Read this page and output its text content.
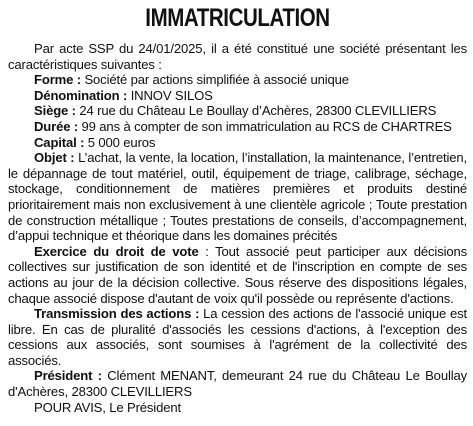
IMMATRICULATION

Par acte SSP du 24/01/2025, il a été constitué une société présentant les caractéristiques suivantes :

Forme : Société par actions simplifiée à associé unique

Dénomination : INNOV SILOS

Siège : 24 rue du Château Le Boullay d’Achères, 28300 CLEVILLIERS

Durée : 99 ans à compter de son immatriculation au RCS de CHARTRES

Capital : 5 000 euros

Objet : L’achat, la vente, la location, l’installation, la maintenance, l’entretien, le dépannage de tout matériel, outil, équipement de triage, calibrage, séchage, stockage, conditionnement de matières premières et produits destiné prioritairement mais non exclusivement à une clientèle agricole ; Toute prestation de construction métallique ; Toutes prestations de conseils, d’accompagnement, d’appui technique et théorique dans les domaines précités

Exercice du droit de vote : Tout associé peut participer aux décisions collectives sur justification de son identité et de l'inscription en compte de ses actions au jour de la décision collective. Sous réserve des dispositions légales, chaque associé dispose d'autant de voix qu'il possède ou représente d'actions.

Transmission des actions : La cession des actions de l'associé unique est libre. En cas de pluralité d'associés les cessions d'actions, à l'exception des cessions aux associés, sont soumises à l'agrément de la collectivité des associés.

Président : Clément MENANT, demeurant 24 rue du Château Le Boullay d'Achères, 28300 CLEVILLIERS

POUR AVIS, Le Président
